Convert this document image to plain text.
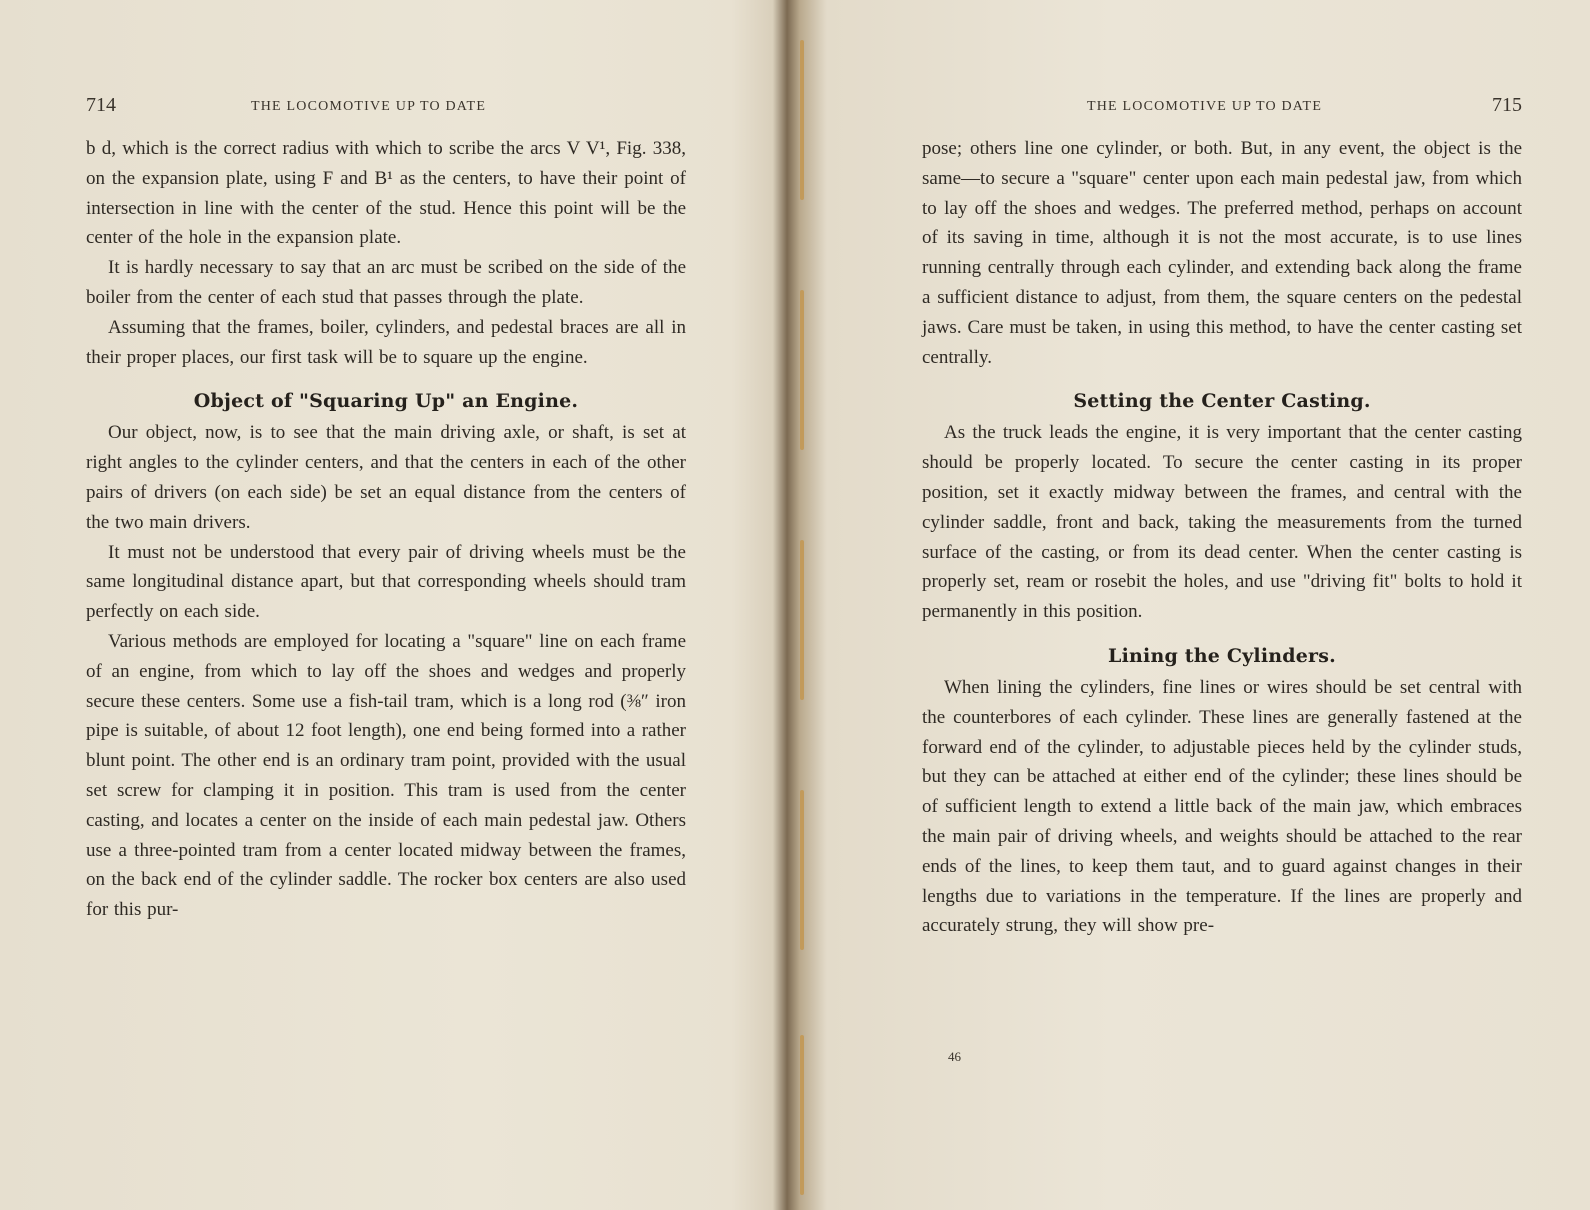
714	THE LOCOMOTIVE UP TO DATE

b d, which is the correct radius with which to scribe the arcs V V¹, Fig. 338, on the expansion plate, using F and B¹ as the centers, to have their point of intersection in line with the center of the stud. Hence this point will be the center of the hole in the expansion plate.

It is hardly necessary to say that an arc must be scribed on the side of the boiler from the center of each stud that passes through the plate.

Assuming that the frames, boiler, cylinders, and pedestal braces are all in their proper places, our first task will be to square up the engine.

Object of "Squaring Up" an Engine.

Our object, now, is to see that the main driving axle, or shaft, is set at right angles to the cylinder centers, and that the centers in each of the other pairs of drivers (on each side) be set an equal distance from the centers of the two main drivers.

It must not be understood that every pair of driving wheels must be the same longitudinal distance apart, but that corresponding wheels should tram perfectly on each side.

Various methods are employed for locating a "square" line on each frame of an engine, from which to lay off the shoes and wedges and properly secure these centers. Some use a fish-tail tram, which is a long rod (⅜″ iron pipe is suitable, of about 12 foot length), one end being formed into a rather blunt point. The other end is an ordinary tram point, provided with the usual set screw for clamping it in position. This tram is used from the center casting, and locates a center on the inside of each main pedestal jaw. Others use a three-pointed tram from a center located midway between the frames, on the back end of the cylinder saddle. The rocker box centers are also used for this pur-

THE LOCOMOTIVE UP TO DATE	715

pose; others line one cylinder, or both. But, in any event, the object is the same—to secure a "square" center upon each main pedestal jaw, from which to lay off the shoes and wedges. The preferred method, perhaps on account of its saving in time, although it is not the most accurate, is to use lines running centrally through each cylinder, and extending back along the frame a sufficient distance to adjust, from them, the square centers on the pedestal jaws. Care must be taken, in using this method, to have the center casting set centrally.

Setting the Center Casting.

As the truck leads the engine, it is very important that the center casting should be properly located. To secure the center casting in its proper position, set it exactly midway between the frames, and central with the cylinder saddle, front and back, taking the measurements from the turned surface of the casting, or from its dead center. When the center casting is properly set, ream or rosebit the holes, and use "driving fit" bolts to hold it permanently in this position.

Lining the Cylinders.

When lining the cylinders, fine lines or wires should be set central with the counterbores of each cylinder. These lines are generally fastened at the forward end of the cylinder, to adjustable pieces held by the cylinder studs, but they can be attached at either end of the cylinder; these lines should be of sufficient length to extend a little back of the main jaw, which embraces the main pair of driving wheels, and weights should be attached to the rear ends of the lines, to keep them taut, and to guard against changes in their lengths due to variations in the temperature. If the lines are properly and accurately strung, they will show pre-

46
